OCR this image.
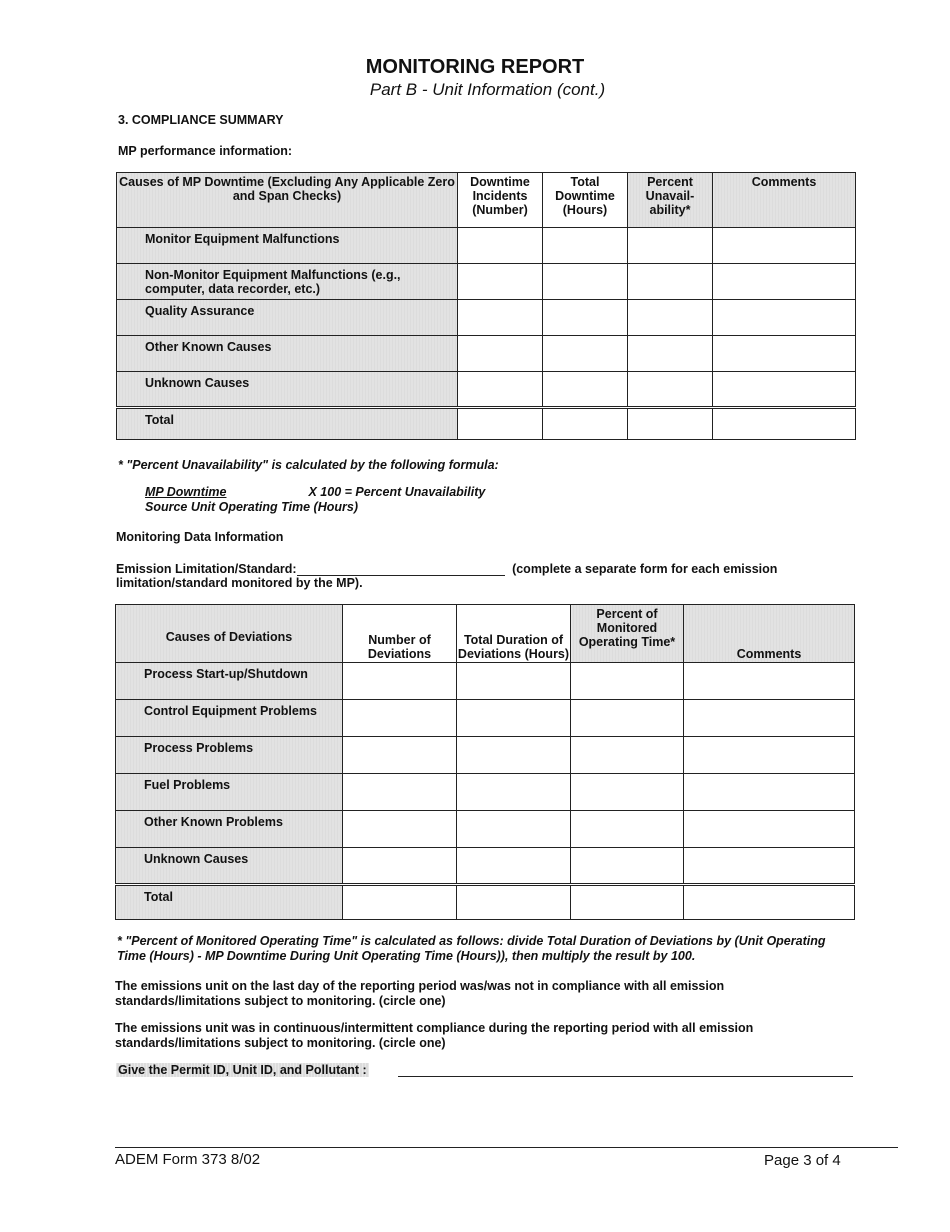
MONITORING REPORT
Part B - Unit Information (cont.)
3. COMPLIANCE SUMMARY
MP performance information:
Causes of MP Downtime (Excluding Any Applicable Zero and Span Checks)	Downtime Incidents (Number)	Total Downtime (Hours)	Percent Unavail-ability*	Comments
Monitor Equipment Malfunctions				
Non-Monitor Equipment Malfunctions (e.g., computer, data recorder, etc.)				
Quality Assurance				
Other Known Causes				
Unknown Causes				
Total				
* "Percent Unavailability" is calculated by the following formula:
MP Downtime	X 100 = Percent Unavailability
Source Unit Operating Time (Hours)
Monitoring Data Information
Emission Limitation/Standard:	(complete a separate form for each emission
limitation/standard monitored by the MP).
Causes of Deviations	Number of Deviations	Total Duration of Deviations (Hours)	Percent of Monitored Operating Time*	Comments
Process Start-up/Shutdown				
Control Equipment Problems				
Process Problems				
Fuel Problems				
Other Known Problems				
Unknown Causes				
Total				
* "Percent of Monitored Operating Time" is calculated as follows: divide Total Duration of Deviations by (Unit Operating Time (Hours) - MP Downtime During Unit Operating Time (Hours)), then multiply the result by 100.
The emissions unit on the last day of the reporting period was/was not in compliance with all emission standards/limitations subject to monitoring. (circle one)
The emissions unit was in continuous/intermittent compliance during the reporting period with all emission standards/limitations subject to monitoring. (circle one)
Give the Permit ID, Unit ID, and Pollutant :
ADEM Form 373 8/02	Page 3 of 4
